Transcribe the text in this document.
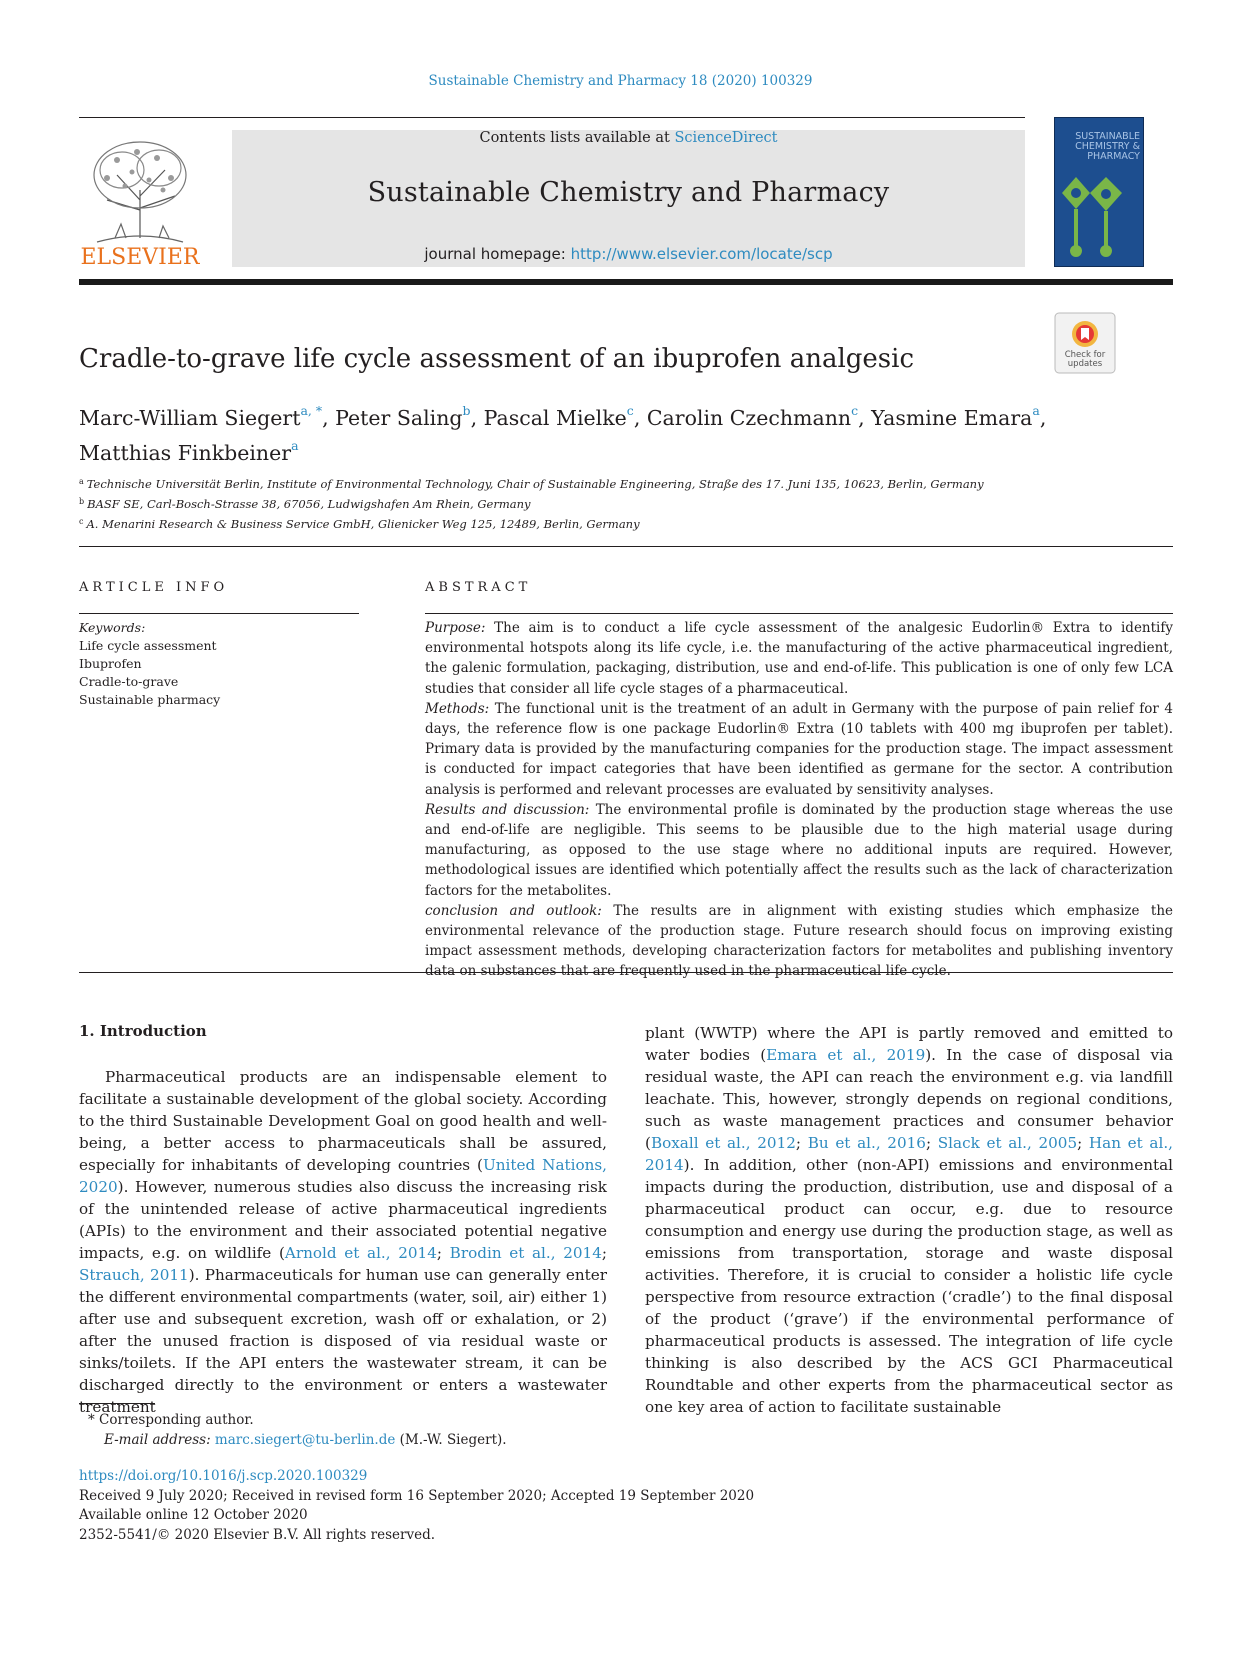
Sustainable Chemistry and Pharmacy 18 (2020) 100329
ELSEVIER
Contents lists available at ScienceDirect
Sustainable Chemistry and Pharmacy
journal homepage: http://www.elsevier.com/locate/scp
SUSTAINABLE
CHEMISTRY &
PHARMACY
Check for
updates
Cradle-to-grave life cycle assessment of an ibuprofen analgesic
Marc-William Siegert$^{a, *}$, Peter Saling$^b$, Pascal Mielke$^c$, Carolin Czechmann$^c$, Yasmine Emara$^a$,
Matthias Finkbeiner$^a$
$^a$ Technische Universität Berlin, Institute of Environmental Technology, Chair of Sustainable Engineering, Straße des 17. Juni 135, 10623, Berlin, Germany
$^b$ BASF SE, Carl-Bosch-Strasse 38, 67056, Ludwigshafen Am Rhein, Germany
$^c$ A. Menarini Research & Business Service GmbH, Glienicker Weg 125, 12489, Berlin, Germany
ARTICLE INFO
Keywords:
Life cycle assessment
Ibuprofen
Cradle-to-grave
Sustainable pharmacy
ABSTRACT

Purpose: The aim is to conduct a life cycle assessment of the analgesic Eudorlin® Extra to identify environmental hotspots along its life cycle, i.e. the manufacturing of the active pharmaceutical ingredient, the galenic formulation, packaging, distribution, use and end-of-life. This publication is one of only few LCA studies that consider all life cycle stages of a pharmaceutical.

Methods: The functional unit is the treatment of an adult in Germany with the purpose of pain relief for 4 days, the reference flow is one package Eudorlin® Extra (10 tablets with 400 mg ibuprofen per tablet). Primary data is provided by the manufacturing companies for the production stage. The impact assessment is conducted for impact categories that have been identified as germane for the sector. A contribution analysis is performed and relevant processes are evaluated by sensitivity analyses.

Results and discussion: The environmental profile is dominated by the production stage whereas the use and end-of-life are negligible. This seems to be plausible due to the high material usage during manufacturing, as opposed to the use stage where no additional inputs are required. However, methodological issues are identified which potentially affect the results such as the lack of characterization factors for the metabolites.

conclusion and outlook: The results are in alignment with existing studies which emphasize the environmental relevance of the production stage. Future research should focus on improving existing impact assessment methods, developing characterization factors for metabolites and publishing inventory data on substances that are frequently used in the pharmaceutical life cycle.

1. Introduction

Pharmaceutical products are an indispensable element to facilitate a sustainable development of the global society. According to the third Sustainable Development Goal on good health and well-being, a better access to pharmaceuticals shall be assured, especially for inhabitants of developing countries (United Nations, 2020). However, numerous studies also discuss the increasing risk of the unintended release of active pharmaceutical ingredients (APIs) to the environment and their associated potential negative impacts, e.g. on wildlife (Arnold et al., 2014; Brodin et al., 2014; Strauch, 2011). Pharmaceuticals for human use can generally enter the different environmental compartments (water, soil, air) either 1) after use and subsequent excretion, wash off or exhalation, or 2) after the unused fraction is disposed of via residual waste or sinks/toilets. If the API enters the wastewater stream, it can be discharged directly to the environment or enters a wastewater treatment

plant (WWTP) where the API is partly removed and emitted to water bodies (Emara et al., 2019). In the case of disposal via residual waste, the API can reach the environment e.g. via landfill leachate. This, however, strongly depends on regional conditions, such as waste management practices and consumer behavior (Boxall et al., 2012; Bu et al., 2016; Slack et al., 2005; Han et al., 2014). In addition, other (non-API) emissions and environmental impacts during the production, distribution, use and disposal of a pharmaceutical product can occur, e.g. due to resource consumption and energy use during the production stage, as well as emissions from transportation, storage and waste disposal activities. Therefore, it is crucial to consider a holistic life cycle perspective from resource extraction (‘cradle’) to the final disposal of the product (‘grave’) if the environmental performance of pharmaceutical products is assessed. The integration of life cycle thinking is also described by the ACS GCI Pharmaceutical Roundtable and other experts from the pharmaceutical sector as one key area of action to facilitate sustainable

* Corresponding author.
E-mail address: marc.siegert@tu-berlin.de (M.-W. Siegert).
https://doi.org/10.1016/j.scp.2020.100329
Received 9 July 2020; Received in revised form 16 September 2020; Accepted 19 September 2020
Available online 12 October 2020
2352-5541/© 2020 Elsevier B.V. All rights reserved.
